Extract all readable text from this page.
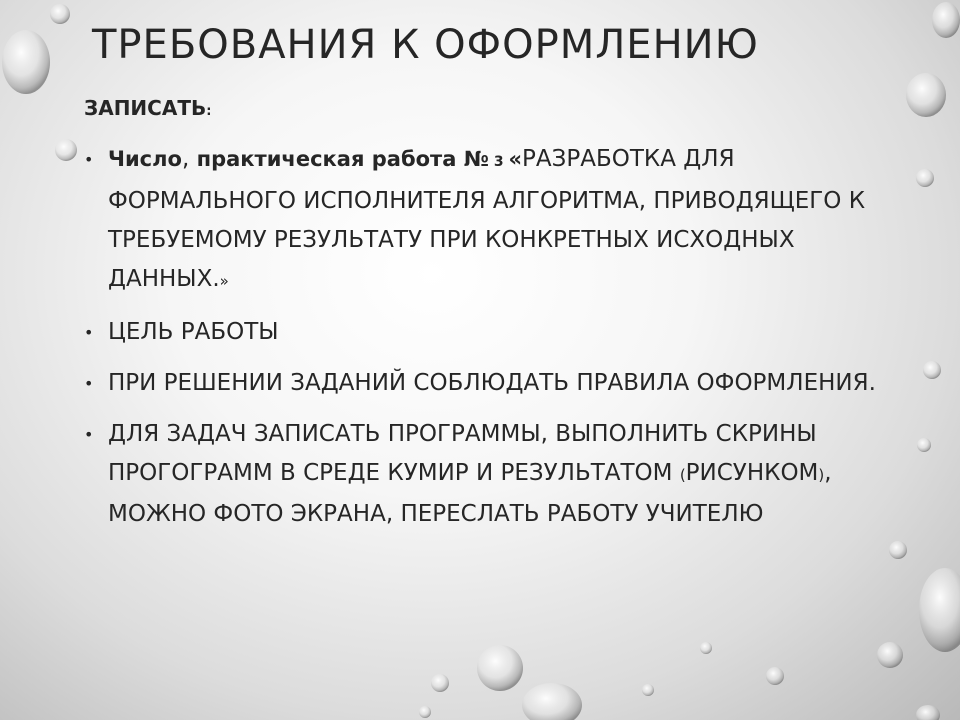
ТРЕБОВАНИЯ К ОФОРМЛЕНИЮ

ЗАПИСАТЬ:

• Число, практическая работа № 3 «РАЗРАБОТКА ДЛЯ ФОРМАЛЬНОГО ИСПОЛНИТЕЛЯ АЛГОРИТМА, ПРИВОДЯЩЕГО К ТРЕБУЕМОМУ РЕЗУЛЬТАТУ ПРИ КОНКРЕТНЫХ ИСХОДНЫХ ДАННЫХ.»
• ЦЕЛЬ РАБОТЫ
• ПРИ РЕШЕНИИ ЗАДАНИЙ СОБЛЮДАТЬ ПРАВИЛА ОФОРМЛЕНИЯ.
• ДЛЯ ЗАДАЧ ЗАПИСАТЬ ПРОГРАММЫ, ВЫПОЛНИТЬ СКРИНЫ ПРОГОГРАММ В СРЕДЕ КУМИР И РЕЗУЛЬТАТОМ (РИСУНКОМ), МОЖНО ФОТО ЭКРАНА, ПЕРЕСЛАТЬ РАБОТУ УЧИТЕЛЮ
